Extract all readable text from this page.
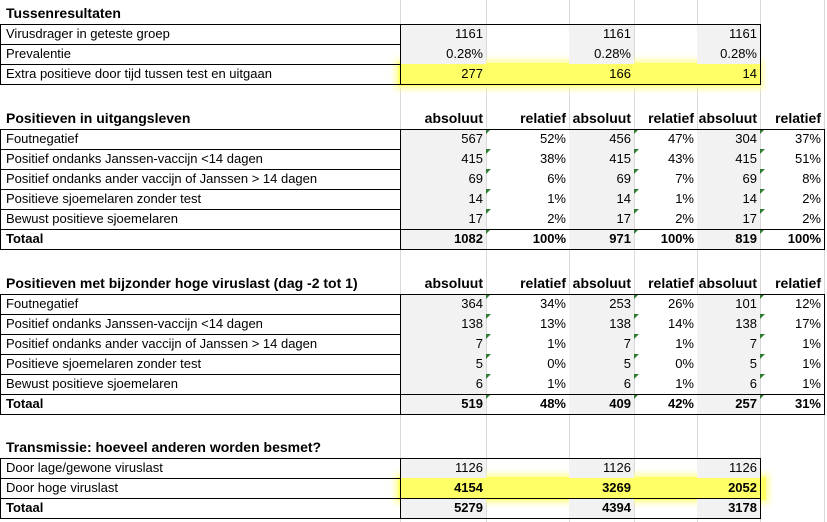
Tussenresultaten
Virusdrager in geteste groep	1161	1161	1161
Prevalentie	0.28%	0.28%	0.28%
Extra positieve door tijd tussen test en uitgaan	277	166	14
Positieven in uitgangsleven	absoluut	relatief absoluut	relatief absoluut	relatief
Foutnegatief	567	52%	456	47%	304	37%
Positief ondanks Janssen-vaccijn <14 dagen	415	38%	415	43%	415	51%
Positief ondanks ander vaccijn of Janssen > 14 dagen	69	6%	69	7%	69	8%
Positieve sjoemelaren zonder test	14	1%	14	1%	14	2%
Bewust positieve sjoemelaren	17	2%	17	2%	17	2%
Totaal	1082	100%	971	100%	819	100%
Positieven met bijzonder hoge viruslast (dag -2 tot 1)	absoluut	relatief absoluut	relatief absoluut	relatief
Foutnegatief	364	34%	253	26%	101	12%
Positief ondanks Janssen-vaccijn <14 dagen	138	13%	138	14%	138	17%
Positief ondanks ander vaccijn of Janssen > 14 dagen	7	1%	7	1%	7	1%
Positieve sjoemelaren zonder test	5	0%	5	0%	5	1%
Bewust positieve sjoemelaren	6	1%	6	1%	6	1%
Totaal	519	48%	409	42%	257	31%
Transmissie: hoeveel anderen worden besmet?
Door lage/gewone viruslast	1126	1126	1126
Door hoge viruslast	4154	3269	2052
Totaal	5279	4394	3178
